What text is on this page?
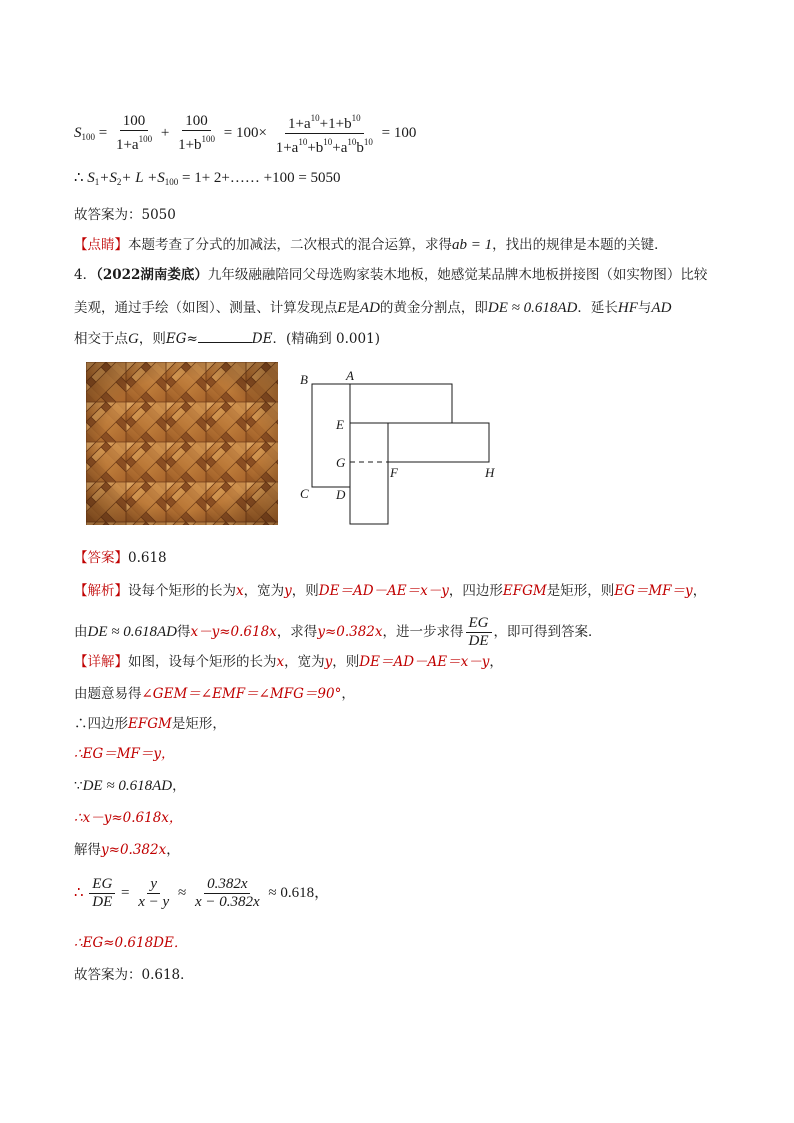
$S_{100} = \frac{100}{1+a^{100}} + \frac{100}{1+b^{100}} = 100\times \frac{1+a^{10}+1+b^{10}}{1+a^{10}+b^{10}+a^{10}b^{10}} = 100$
∴ $S_1+S_2+ L +S_{100} = 1+$ 2+…… +100 = 5050
故答案为：5050
【点睛】本题考查了分式的加减法，二次根式的混合运算，求得ab = 1，找出的规律是本题的关键．
4．（2022湖南娄底）九年级融融陪同父母选购家装木地板，她感觉某品牌木地板拼接图（如实物图）比较
美观，通过手绘（如图）、测量、计算发现点E是AD的黄金分割点，即DE ≈ 0.618AD．延长HF与AD
相交于点G，则EG≈	DE．(精确到 0.001)
B	A
E
G
F	H
C D
【答案】0.618
【解析】设每个矩形的长为x，宽为y，则DE＝AD－AE＝x－y，四边形EFGM是矩形，则EG＝MF＝y，
由DE ≈ 0.618AD得x－y≈0.618x，求得y≈0.382x，进一步求得 $\frac{EG}{DE}$ ，即可得到答案．
【详解】如图，设每个矩形的长为x，宽为y，则DE＝AD－AE＝x－y，
由题意易得∠GEM＝∠EMF＝∠MFG＝90°，
∴四边形EFGM是矩形，
∴EG＝MF＝y，
∵DE ≈ 0.618AD，
∴x－y≈0.618x，
解得y≈0.382x，
∴ $\frac{EG}{DE} = \frac{y}{x - y} \approx \frac{0.382x}{x - 0.382x} \approx 0.618$，
∴EG≈0.618DE．
故答案为：0.618．
